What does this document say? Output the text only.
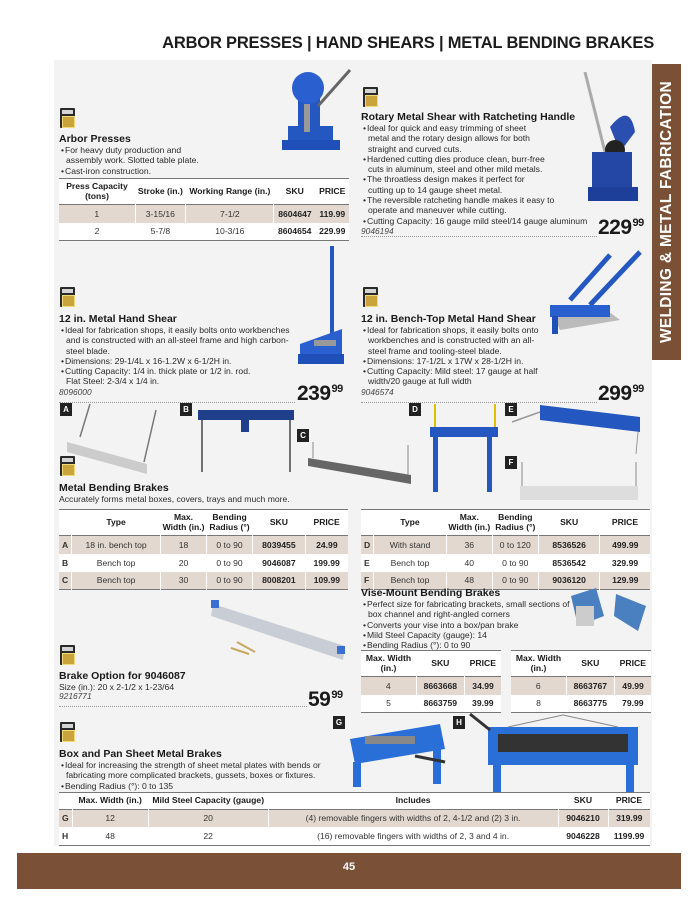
ARBOR PRESSES | HAND SHEARS | METAL BENDING BRAKES
WELDING & METAL FABRICATION
Arbor Presses
• For heavy duty production and assembly work. Slotted table plate.
• Cast-iron construction.
Press Capacity (tons)	Stroke (in.)	Working Range (in.)	SKU	PRICE
1	3-15/16	7-1/2	8604647	119.99
2	5-7/8	10-3/16	8604654	229.99
Rotary Metal Shear with Ratcheting Handle
• Ideal for quick and easy trimming of sheet metal and the rotary design allows for both straight and curved cuts.
• Hardened cutting dies produce clean, burr-free cuts in aluminum, steel and other mild metals.
• The throatless design makes it perfect for cutting up to 14 gauge sheet metal.
• The reversible ratcheting handle makes it easy to operate and maneuver while cutting.
• Cutting Capacity: 16 gauge mild steel/14 gauge aluminum
9046194	$229^{99}$
12 in. Metal Hand Shear
• Ideal for fabrication shops, it easily bolts onto workbenches and is constructed with an all-steel frame and high carbon-steel blade.
• Dimensions: 29-1/4L x 16-1.2W x 6-1/2H in.
• Cutting Capacity: 1/4 in. thick plate or 1/2 in. rod. Flat Steel: 2-3/4 x 1/4 in.
8096000	$239^{99}$
12 in. Bench-Top Metal Hand Shear
• Ideal for fabrication shops, it easily bolts onto workbenches and is constructed with an all-steel frame and tooling-steel blade.
• Dimensions: 17-1/2L x 17W x 28-1/2H in.
• Cutting Capacity: Mild steel: 17 gauge at half width/20 gauge at full width
9046574	$299^{99}$
A	B
C
D	E
F
Metal Bending Brakes
Accurately forms metal boxes, covers, trays and much more.
	Type	Max. Width (in.)	Bending Radius (°)	SKU	PRICE
A	18 in. bench top	18	0 to 90	8039455	24.99
B	Bench top	20	0 to 90	9046087	199.99
C	Bench top	30	0 to 90	8008201	109.99
	Type	Max. Width (in.)	Bending Radius (°)	SKU	PRICE
D	With stand	36	0 to 120	8536526	499.99
E	Bench top	40	0 to 90	8536542	329.99
F	Bench top	48	0 to 90	9036120	129.99
Vise-Mount Bending Brakes
• Perfect size for fabricating brackets, small sections of box channel and right-angled corners
• Converts your vise into a box/pan brake
• Mild Steel Capacity (gauge): 14
• Bending Radius (°): 0 to 90
Max. Width (in.)	SKU	PRICE
4	8663668	34.99
5	8663759	39.99
Max. Width (in.)	SKU	PRICE
6	8663767	49.99
8	8663775	79.99
Brake Option for 9046087
Size (in.): 20 x 2-1/2 x 1-23/64
9216771	$59^{99}$
G	H
Box and Pan Sheet Metal Brakes
• Ideal for increasing the strength of sheet metal plates with bends or fabricating more complicated brackets, gussets, boxes or fixtures.
• Bending Radius (°): 0 to 135
	Max. Width (in.)	Mild Steel Capacity (gauge)	Includes	SKU	PRICE
G	12	20	(4) removable fingers with widths of 2, 4-1/2 and (2) 3 in.	9046210	319.99
H	48	22	(16) removable fingers with widths of 2, 3 and 4 in.	9046228	1199.99
45
